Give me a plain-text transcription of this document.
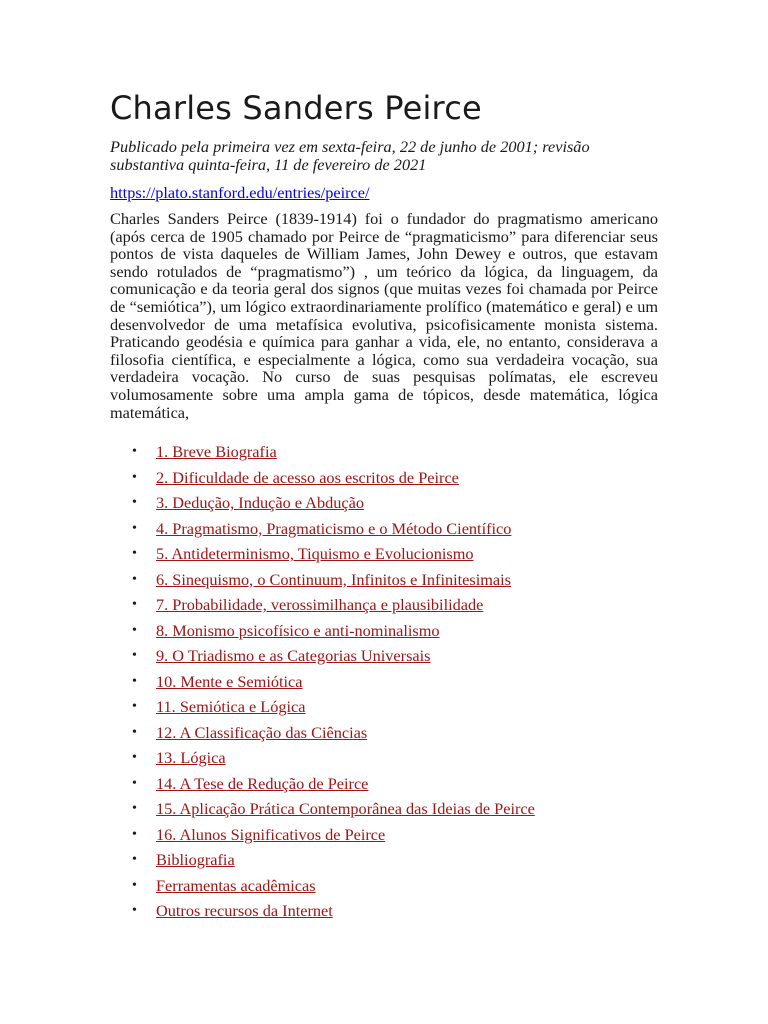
Charles Sanders Peirce

Publicado pela primeira vez em sexta-feira, 22 de junho de 2001; revisão
substantiva quinta-feira, 11 de fevereiro de 2021

https://plato.stanford.edu/entries/peirce/

Charles Sanders Peirce (1839-1914) foi o fundador do pragmatismo americano (após cerca de 1905 chamado por Peirce de “pragmaticismo” para diferenciar seus pontos de vista daqueles de William James, John Dewey e outros, que estavam sendo rotulados de “pragmatismo”) , um teórico da lógica, da linguagem, da comunicação e da teoria geral dos signos (que muitas vezes foi chamada por Peirce de “semiótica”), um lógico extraordinariamente prolífico (matemático e geral) e um desenvolvedor de uma metafísica evolutiva, psicofisicamente monista sistema. Praticando geodésia e química para ganhar a vida, ele, no entanto, considerava a filosofia científica, e especialmente a lógica, como sua verdadeira vocação, sua verdadeira vocação. No curso de suas pesquisas polímatas, ele escreveu volumosamente sobre uma ampla gama de tópicos, desde matemática, lógica matemática,

• 1. Breve Biografia
• 2. Dificuldade de acesso aos escritos de Peirce
• 3. Dedução, Indução e Abdução
• 4. Pragmatismo, Pragmaticismo e o Método Científico
• 5. Antideterminismo, Tiquismo e Evolucionismo
• 6. Sinequismo, o Continuum, Infinitos e Infinitesimais
• 7. Probabilidade, verossimilhança e plausibilidade
• 8. Monismo psicofísico e anti-nominalismo
• 9. O Triadismo e as Categorias Universais
• 10. Mente e Semiótica
• 11. Semiótica e Lógica
• 12. A Classificação das Ciências
• 13. Lógica
• 14. A Tese de Redução de Peirce
• 15. Aplicação Prática Contemporânea das Ideias de Peirce
• 16. Alunos Significativos de Peirce
• Bibliografia
• Ferramentas acadêmicas
• Outros recursos da Internet
